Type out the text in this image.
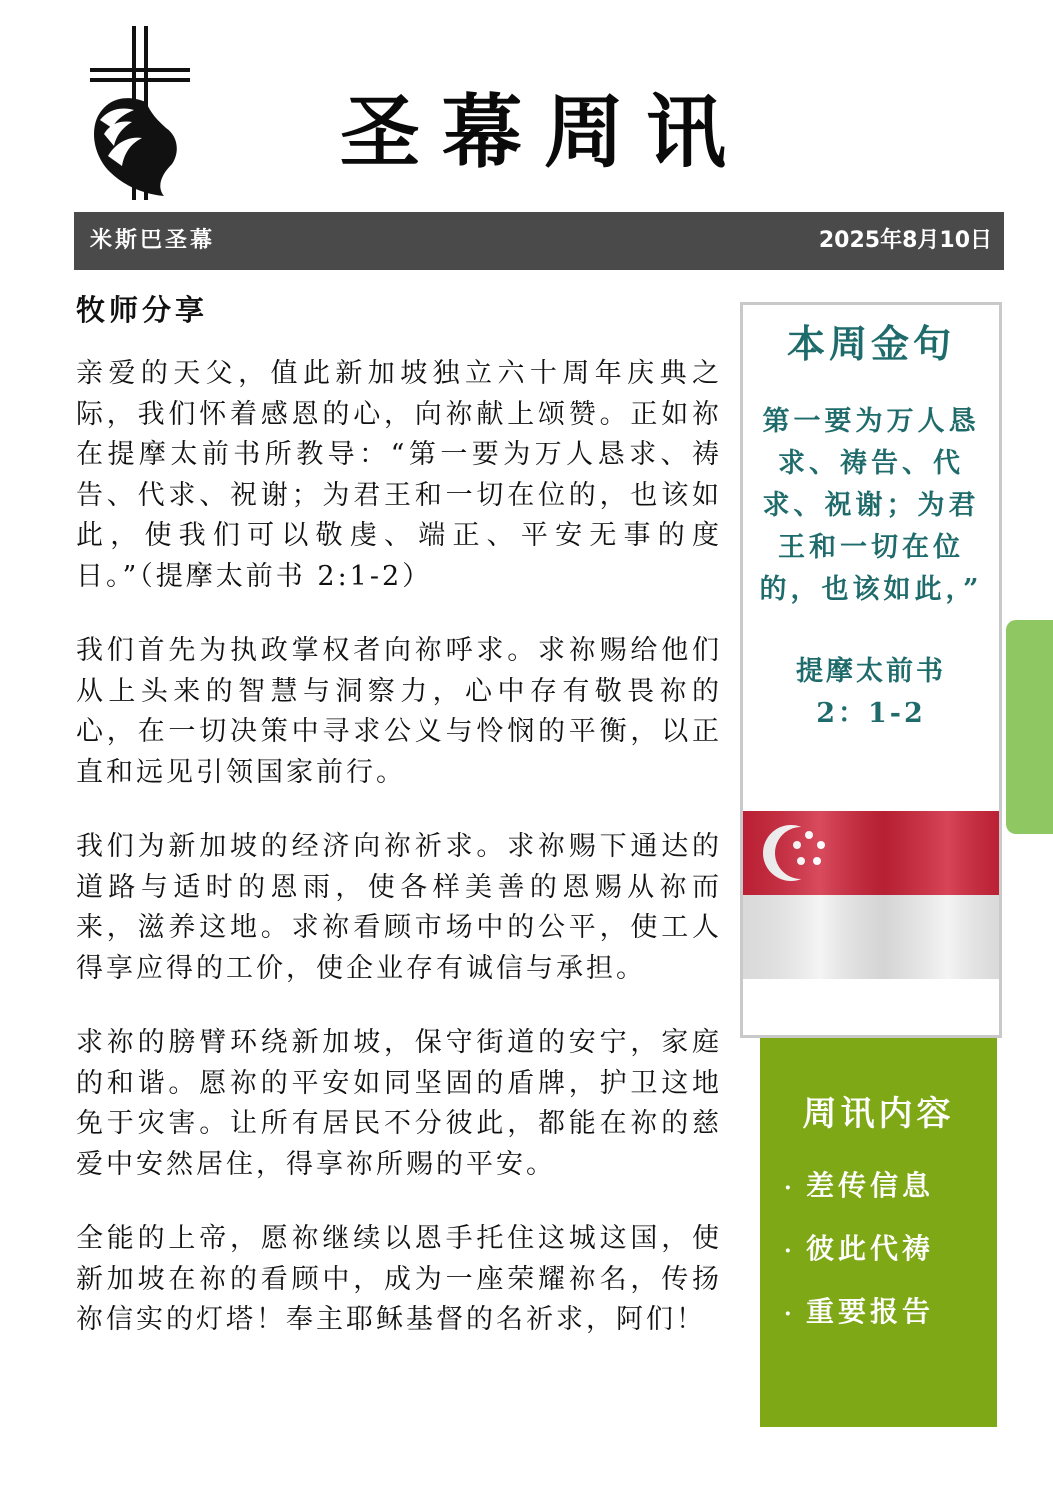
圣幕周讯
米斯巴圣幕	2025年8月10日
牧师分享

亲爱的天父，值此新加坡独立六十周年庆典之际，我们怀着感恩的心，向祢献上颂赞。正如祢在提摩太前书所教导：“第一要为万人恳求、祷告、代求、祝谢；为君王和一切在位的，也该如此，使我们可以敬虔、端正、平安无事的度日。”（提摩太前书 2:1-2）

我们首先为执政掌权者向祢呼求。求祢赐给他们从上头来的智慧与洞察力，心中存有敬畏祢的心，在一切决策中寻求公义与怜悯的平衡，以正直和远见引领国家前行。

我们为新加坡的经济向祢祈求。求祢赐下通达的道路与适时的恩雨，使各样美善的恩赐从祢而来，滋养这地。求祢看顾市场中的公平，使工人得享应得的工价，使企业存有诚信与承担。

求祢的膀臂环绕新加坡，保守街道的安宁，家庭的和谐。愿祢的平安如同坚固的盾牌，护卫这地免于灾害。让所有居民不分彼此，都能在祢的慈爱中安然居住，得享祢所赐的平安。

全能的上帝，愿祢继续以恩手托住这城这国，使新加坡在祢的看顾中，成为一座荣耀祢名，传扬祢信实的灯塔！奉主耶稣基督的名祈求，阿们！

本周金句
第一要为万人恳求、祷告、代求、祝谢；为君王和一切在位的，也该如此，”
提摩太前书
2：1-2
周讯内容
· 差传信息
· 彼此代祷
· 重要报告
